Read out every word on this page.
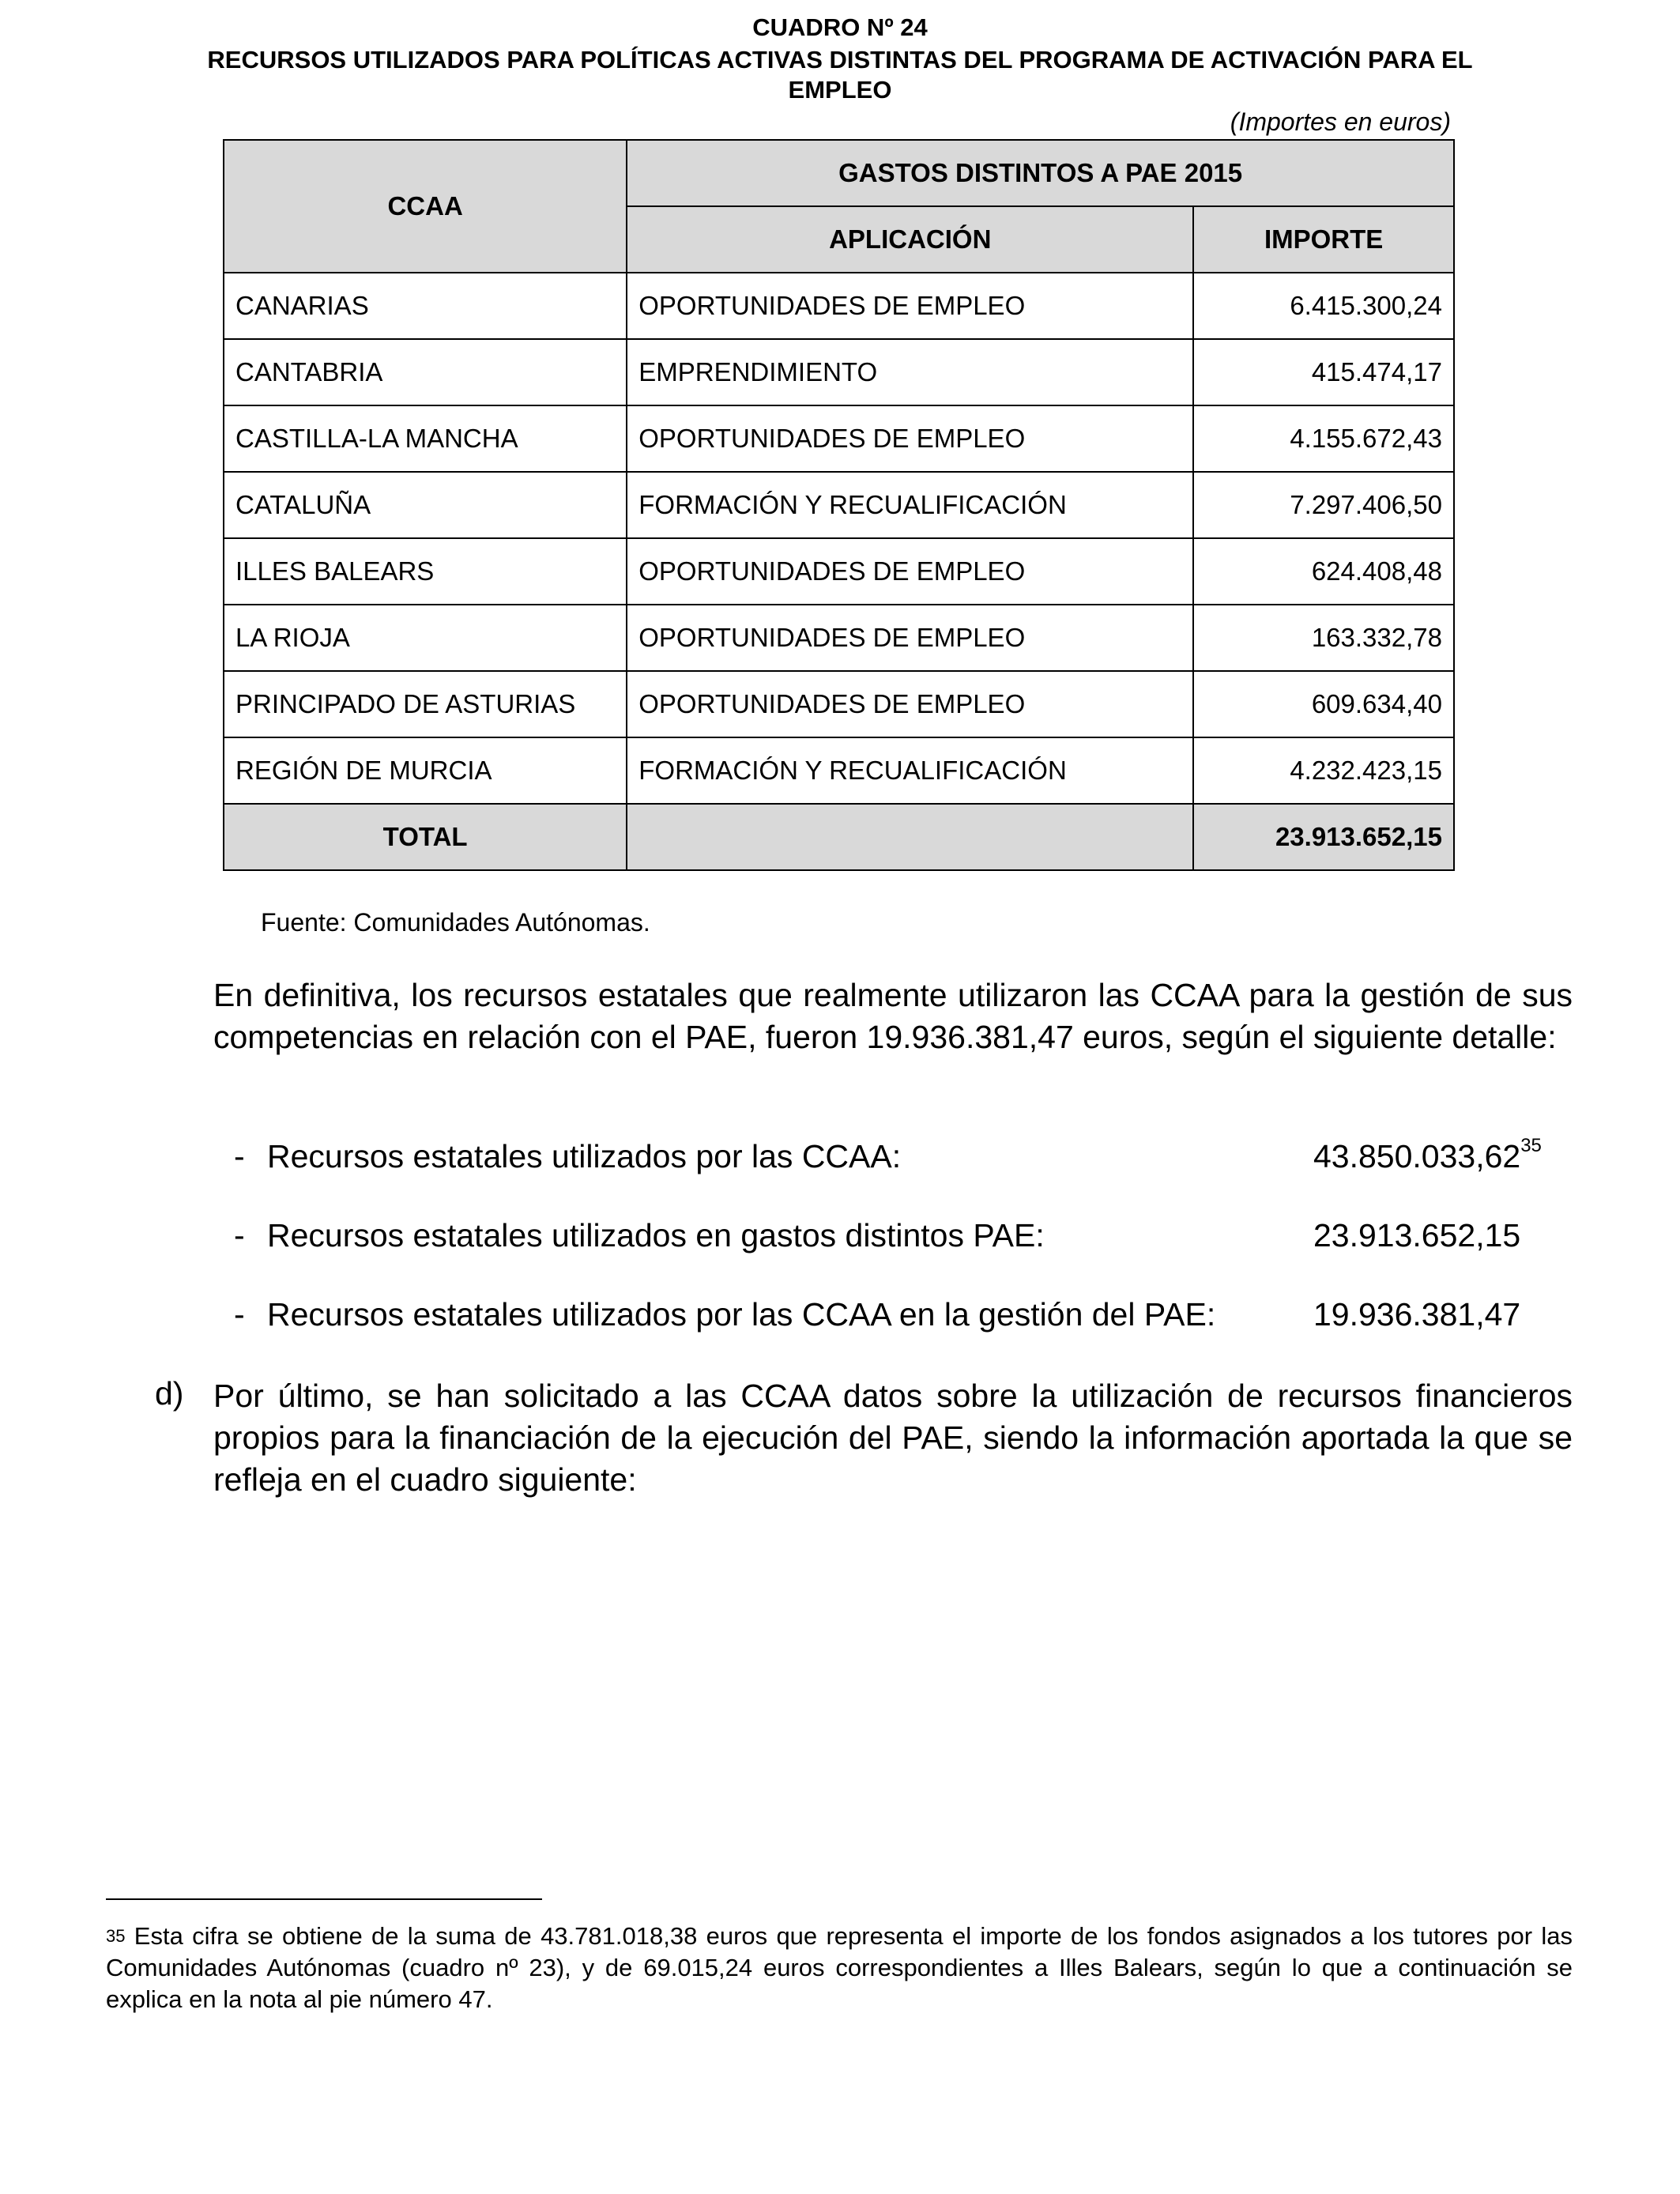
CUADRO Nº 24
RECURSOS UTILIZADOS PARA POLÍTICAS ACTIVAS DISTINTAS DEL PROGRAMA DE ACTIVACIÓN PARA EL
EMPLEO
(Importes en euros)
CCAA	GASTOS DISTINTOS A PAE 2015	
	APLICACIÓN	IMPORTE
CANARIAS	OPORTUNIDADES DE EMPLEO	6.415.300,24
CANTABRIA	EMPRENDIMIENTO	415.474,17
CASTILLA-LA MANCHA	OPORTUNIDADES DE EMPLEO	4.155.672,43
CATALUÑA	FORMACIÓN Y RECUALIFICACIÓN	7.297.406,50
ILLES BALEARS	OPORTUNIDADES DE EMPLEO	624.408,48
LA RIOJA	OPORTUNIDADES DE EMPLEO	163.332,78
PRINCIPADO DE ASTURIAS	OPORTUNIDADES DE EMPLEO	609.634,40
REGIÓN DE MURCIA	FORMACIÓN Y RECUALIFICACIÓN	4.232.423,15
TOTAL		23.913.652,15
Fuente: Comunidades Autónomas.

En definitiva, los recursos estatales que realmente utilizaron las CCAA para la gestión de sus competencias en relación con el PAE, fueron 19.936.381,47 euros, según el siguiente detalle:

- Recursos estatales utilizados por las CCAA:	43.850.033,62$^{35}$
- Recursos estatales utilizados en gastos distintos PAE:	23.913.652,15
- Recursos estatales utilizados por las CCAA en la gestión del PAE:	19.936.381,47
d) Por último, se han solicitado a las CCAA datos sobre la utilización de recursos financieros propios para la financiación de la ejecución del PAE, siendo la información aportada la que se refleja en el cuadro siguiente:

$^{35}$ Esta cifra se obtiene de la suma de 43.781.018,38 euros que representa el importe de los fondos asignados a los tutores por las Comunidades Autónomas (cuadro nº 23), y de 69.015,24 euros correspondientes a Illes Balears, según lo que a continuación se explica en la nota al pie número 47.
